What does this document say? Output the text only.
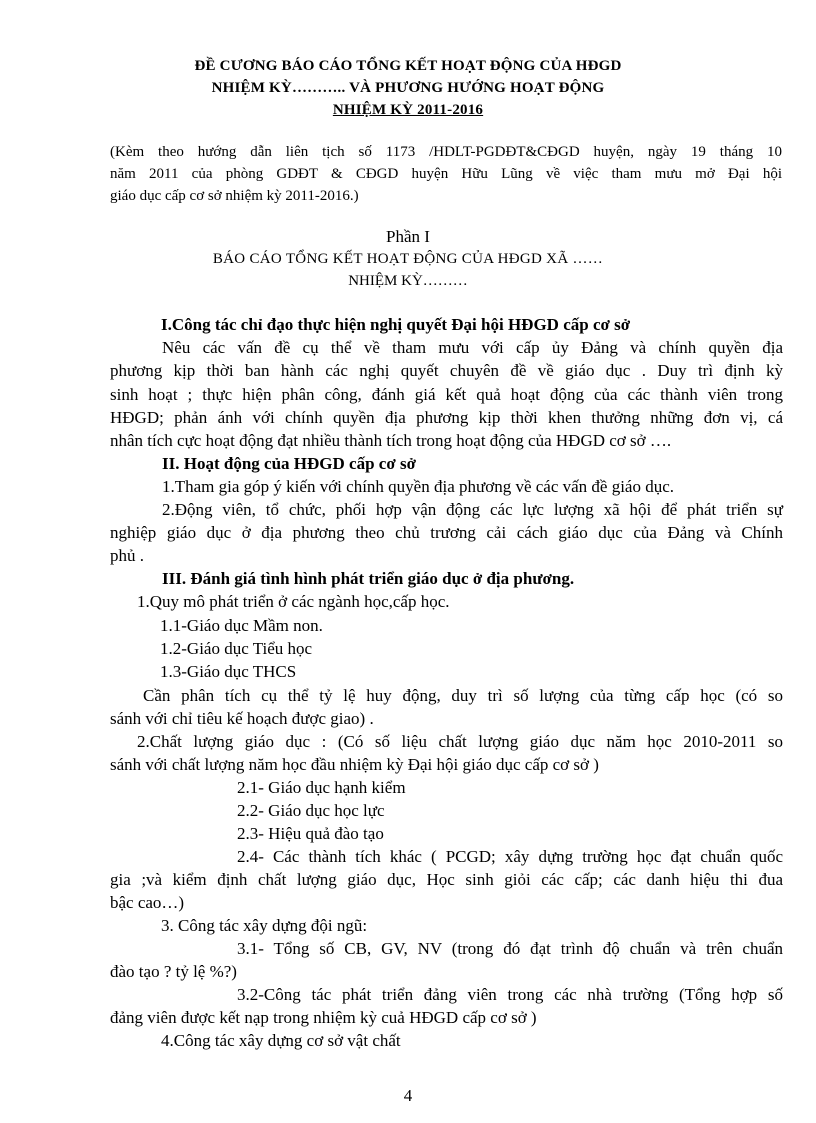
ĐỀ CƯƠNG BÁO CÁO TỔNG KẾT HOẠT ĐỘNG CỦA HĐGD
NHIỆM KỲ……….. VÀ PHƯƠNG HƯỚNG HOẠT ĐỘNG
NHIỆM KỲ 2011-2016
(Kèm theo hướng dẫn liên tịch số 1173 /HDLT-PGDĐT&CĐGD huyện, ngày 19 tháng 10
năm 2011 của phòng GDĐT & CĐGD huyện Hữu Lũng về việc tham mưu mở Đại hội
giáo dục cấp cơ sở nhiệm kỳ 2011-2016.)
Phần I
BÁO CÁO TỔNG KẾT HOẠT ĐỘNG CỦA HĐGD XÃ ……
NHIỆM KỲ………
I.Công tác chỉ đạo thực hiện nghị quyết Đại hội HĐGD cấp cơ sở
Nêu các vấn đề cụ thể về tham mưu với cấp ủy Đảng và chính quyền địa
phương kịp thời ban hành các nghị quyết chuyên đề về giáo dục . Duy trì định kỳ
sinh hoạt ; thực hiện phân công, đánh giá kết quả hoạt động của các thành viên trong
HĐGD; phản ánh với chính quyền địa phương kịp thời khen thưởng những đơn vị, cá
nhân tích cực hoạt động đạt nhiều thành tích trong hoạt động của HĐGD cơ sở ….
II. Hoạt động của HĐGD cấp cơ sở
1.Tham gia góp ý kiến với chính quyền địa phương về các vấn đề giáo dục.
2.Động viên, tổ chức, phối hợp vận động các lực lượng xã hội để phát triển sự
nghiệp giáo dục ở địa phương theo chủ trương cải cách giáo dục của Đảng và Chính
phủ .
III. Đánh giá tình hình phát triển giáo dục ở địa phương.
1.Quy mô phát triển ở các ngành học,cấp học.
1.1-Giáo dục Mầm non.
1.2-Giáo dục Tiểu học
1.3-Giáo dục THCS
Cần phân tích cụ thể tỷ lệ huy động, duy trì số lượng của từng cấp học (có so
sánh với chỉ tiêu kế hoạch được giao) .
2.Chất lượng giáo dục : (Có số liệu chất lượng giáo dục năm học 2010-2011 so
sánh với chất lượng năm học đầu nhiệm kỳ Đại hội giáo dục cấp cơ sở )
2.1- Giáo dục hạnh kiểm
2.2- Giáo dục học lực
2.3- Hiệu quả đào tạo
2.4- Các thành tích khác ( PCGD; xây dựng trường học đạt chuẩn quốc
gia ;và kiểm định chất lượng giáo dục, Học sinh giỏi các cấp; các danh hiệu thi đua
bậc cao…)
3. Công tác xây dựng đội ngũ:
3.1- Tổng số CB, GV, NV (trong đó đạt trình độ chuẩn và trên chuẩn
đào tạo ? tỷ lệ %?)
3.2-Công tác phát triển đảng viên trong các nhà trường (Tổng hợp số
đảng viên được kết nạp trong nhiệm kỳ cuả HĐGD cấp cơ sở )
4.Công tác xây dựng cơ sở vật chất
4
